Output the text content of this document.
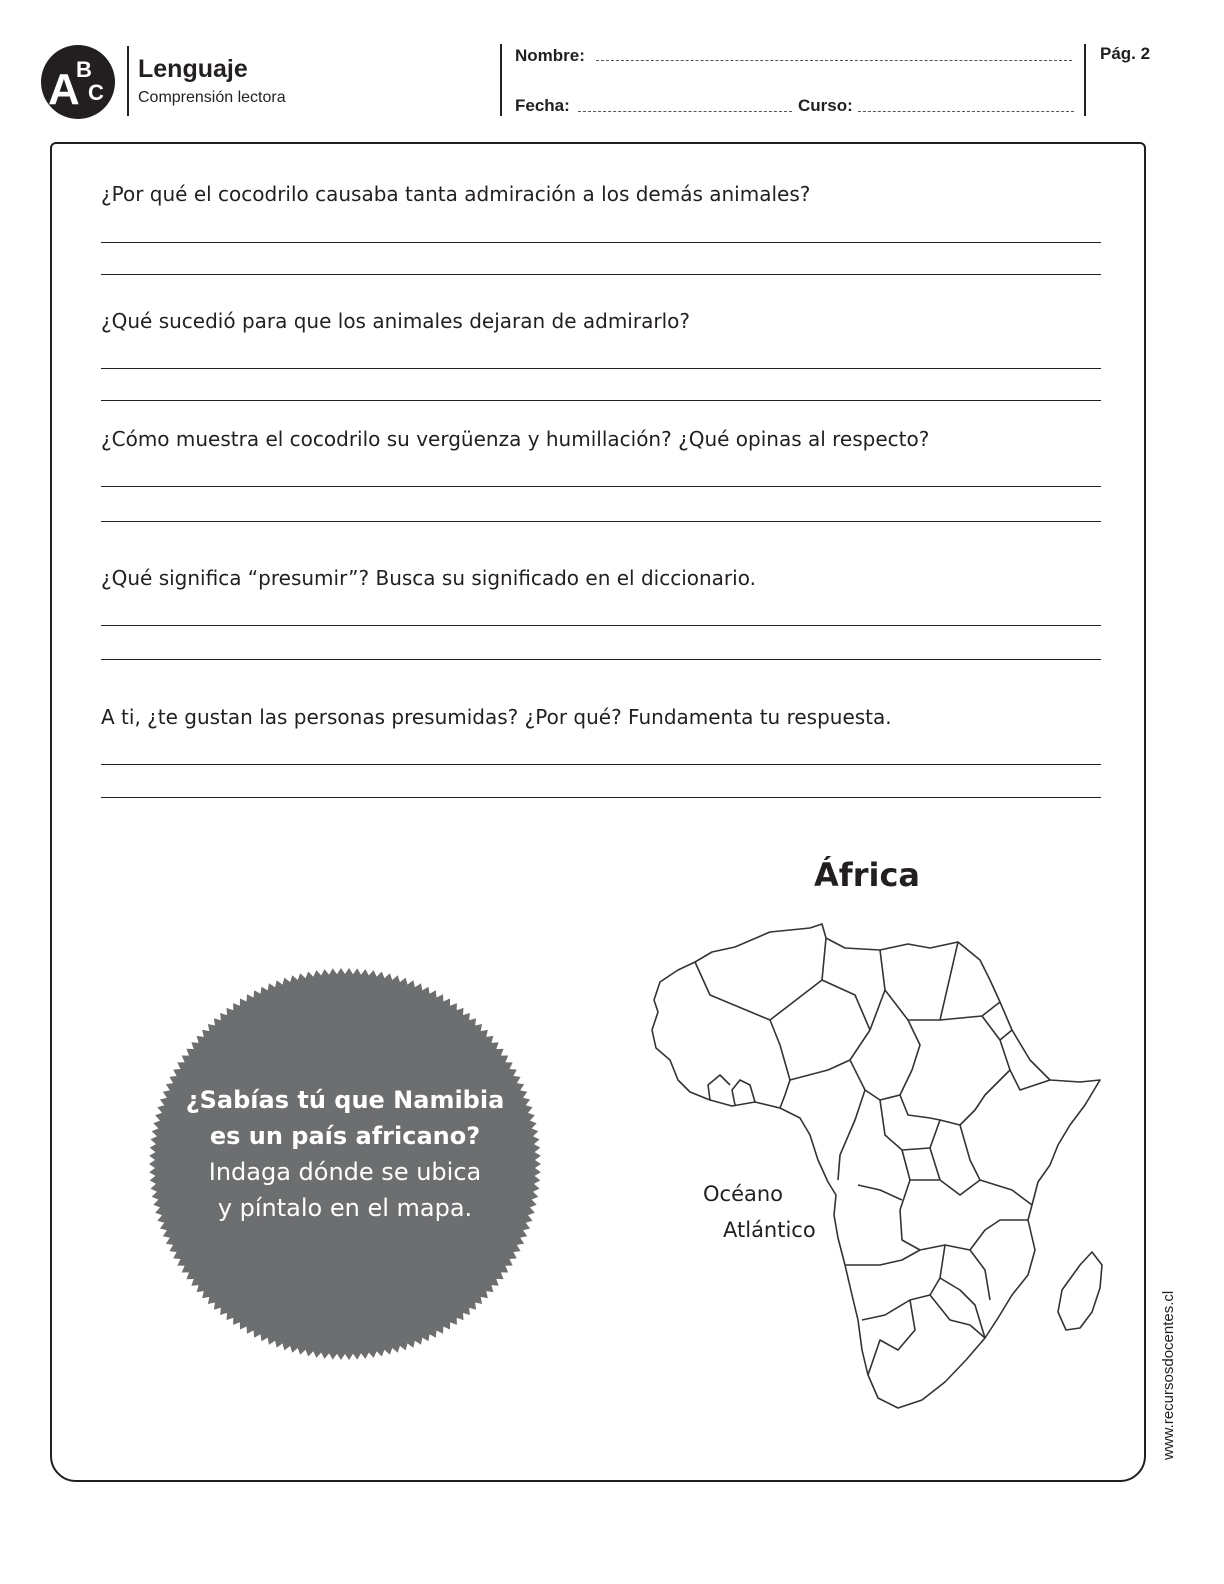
A
B
C
Lenguaje
Comprensión lectora
Nombre:
Fecha:	Curso:
Pág. 2
¿Por qué el cocodrilo causaba tanta admiración a los demás animales?
¿Qué sucedió para que los animales dejaran de admirarlo?
¿Cómo muestra el cocodrilo su vergüenza y humillación? ¿Qué opinas al respecto?
¿Qué significa “presumir”? Busca su significado en el diccionario.
A ti, ¿te gustan las personas presumidas? ¿Por qué? Fundamenta tu respuesta.
¿Sabías tú que Namibia
es un país africano?
Indaga dónde se ubica
y píntalo en el mapa.
África
Océano
Atlántico
www.recursosdocentes.cl
